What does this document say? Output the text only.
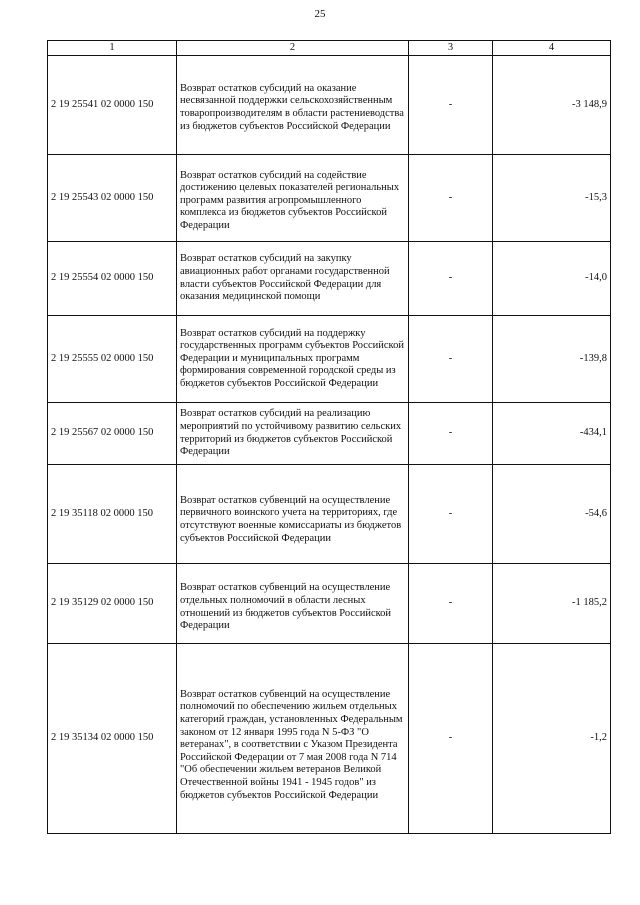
25
1	2	3	4
2 19 25541 02 0000 150	Возврат остатков субсидий на оказание несвязанной поддержки сельскохозяйственным товаропроизводителям в области растениеводства из бюджетов субъектов Российской Федерации	-	-3 148,9
2 19 25543 02 0000 150	Возврат остатков субсидий на содействие достижению целевых показателей региональных программ развития агропромышленного комплекса из бюджетов субъектов Российской Федерации	-	-15,3
2 19 25554 02 0000 150	Возврат остатков субсидий на закупку авиационных работ органами государственной власти субъектов Российской Федерации для оказания медицинской помощи	-	-14,0
2 19 25555 02 0000 150	Возврат остатков субсидий на поддержку государственных программ субъектов Российской Федерации и муниципальных программ формирования современной городской среды из бюджетов субъектов Российской Федерации	-	-139,8
2 19 25567 02 0000 150	Возврат остатков субсидий на реализацию мероприятий по устойчивому развитию сельских территорий из бюджетов субъектов Российской Федерации	-	-434,1
2 19 35118 02 0000 150	Возврат остатков субвенций на осуществление первичного воинского учета на территориях, где отсутствуют военные комиссариаты из бюджетов субъектов Российской Федерации	-	-54,6
2 19 35129 02 0000 150	Возврат остатков субвенций на осуществление отдельных полномочий в области лесных отношений из бюджетов субъектов Российской Федерации	-	-1 185,2
2 19 35134 02 0000 150	Возврат остатков субвенций на осуществление полномочий по обеспечению жильем отдельных категорий граждан, установленных Федеральным законом от 12 января 1995 года N 5-ФЗ "О ветеранах", в соответствии с Указом Президента Российской Федерации от 7 мая 2008 года N 714 "Об обеспечении жильем ветеранов Великой Отечественной войны 1941 - 1945 годов" из бюджетов субъектов Российской Федерации	-	-1,2
